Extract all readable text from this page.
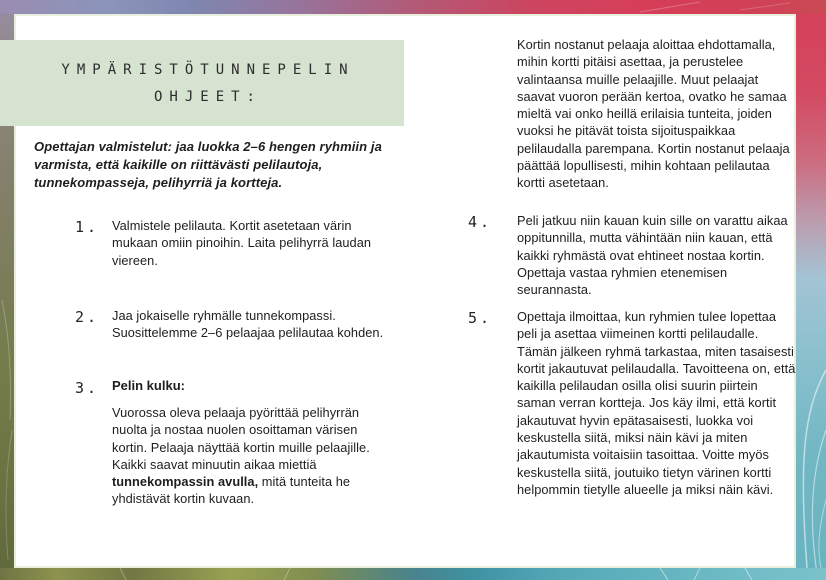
YMPÄRISTÖTUNNEPELIN
OHJEET:
Opettajan valmistelut: jaa luokka 2–6 hengen ryhmiin ja varmista, että kaikille on riittävästi pelilautoja, tunnekompasseja, pelihyrriä ja kortteja.
1.	Valmistele pelilauta. Kortit asetetaan värin mukaan omiin pinoihin. Laita pelihyrrä laudan viereen.
2.	Jaa jokaiselle ryhmälle tunnekompassi. Suosittelemme 2–6 pelaajaa pelilautaa kohden.
3. Pelin kulku:
Vuorossa oleva pelaaja pyörittää pelihyrrän nuolta ja nostaa nuolen osoittaman värisen kortin. Pelaaja näyttää kortin muille pelaajille. Kaikki saavat minuutin aikaa miettiä tunnekompassin avulla, mitä tunteita he yhdistävät kortin kuvaan.
Kortin nostanut pelaaja aloittaa ehdottamalla, mihin kortti pitäisi asettaa, ja perustelee valintaansa muille pelaajille. Muut pelaajat saavat vuoron perään kertoa, ovatko he samaa mieltä vai onko heillä erilaisia tunteita, joiden vuoksi he pitävät toista sijoituspaikkaa pelilaudalla parempana. Kortin nostanut pelaaja päättää lopullisesti, mihin kohtaan pelilautaa kortti asetetaan.
4.	Peli jatkuu niin kauan kuin sille on varattu aikaa oppitunnilla, mutta vähintään niin kauan, että kaikki ryhmästä ovat ehtineet nostaa kortin. Opettaja vastaa ryhmien etenemisen seurannasta.
5.	Opettaja ilmoittaa, kun ryhmien tulee lopettaa peli ja asettaa viimeinen kortti pelilaudalle. Tämän jälkeen ryhmä tarkastaa, miten tasaisesti kortit jakautuvat pelilaudalla. Tavoitteena on, että kaikilla pelilaudan osilla olisi suurin piirtein saman verran kortteja. Jos käy ilmi, että kortit jakautuvat hyvin epätasaisesti, luokka voi keskustella siitä, miksi näin kävi ja miten jakautumista voitaisiin tasoittaa. Voitte myös keskustella siitä, joutuiko tietyn värinen kortti helpommin tietylle alueelle ja miksi näin kävi.
